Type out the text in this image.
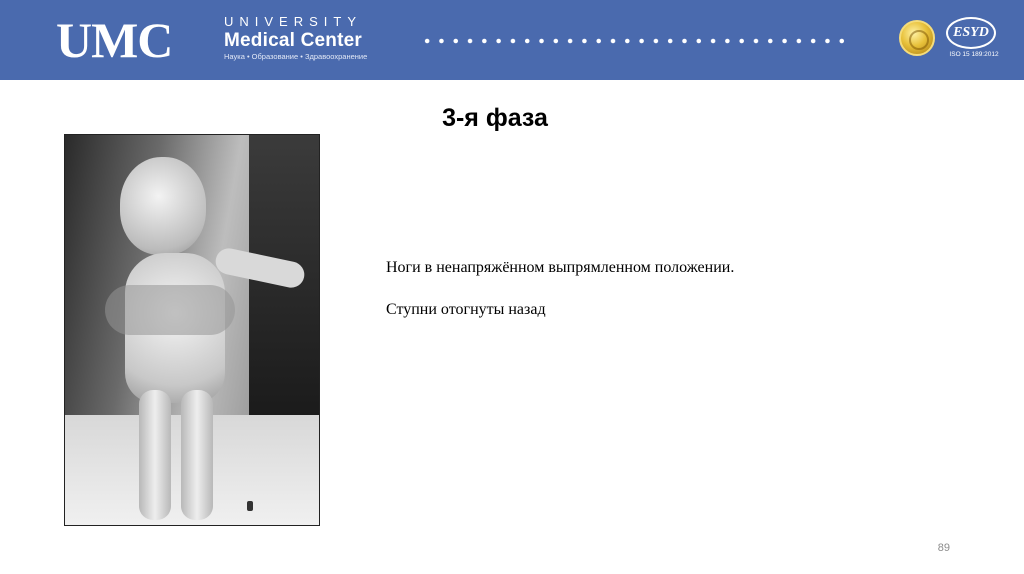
UMC	UNIVERSITY
Medical Center
Наука • Образование • Здравоохранение
ESYD
ISO 15 189:2012
3-я фаза

Ноги в ненапряжённом выпрямленном положении.

Ступни отогнуты назад

89
